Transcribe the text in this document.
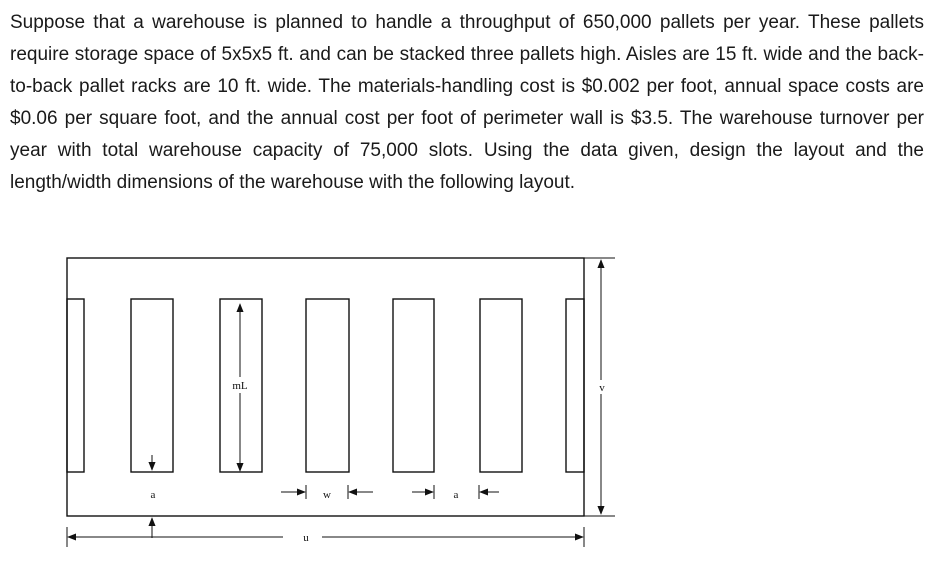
Suppose that a warehouse is planned to handle a throughput of 650,000 pallets per year. These pallets require storage space of 5x5x5 ft. and can be stacked three pallets high. Aisles are 15 ft. wide and the back-to-back pallet racks are 10 ft. wide. The materials-handling cost is $0.002 per foot, annual space costs are $0.06 per square foot, and the annual cost per foot of perimeter wall is $3.5. The warehouse turnover per year with total warehouse capacity of 75,000 slots. Using the data given, design the layout and the length/width dimensions of the warehouse with the following layout.

mL
a	w	a
u
v
